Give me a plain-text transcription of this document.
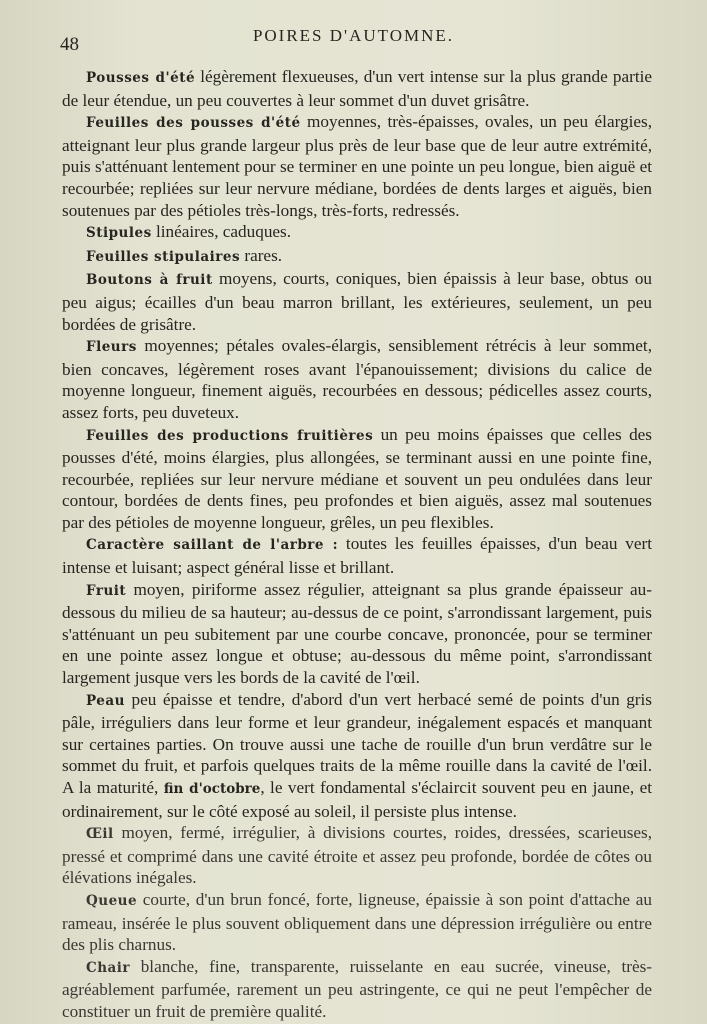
48	POIRES D'AUTOMNE.

Pousses d'été légèrement flexueuses, d'un vert intense sur la plus grande partie de leur étendue, un peu couvertes à leur sommet d'un duvet grisâtre.

Feuilles des pousses d'été moyennes, très-épaisses, ovales, un peu élargies, atteignant leur plus grande largeur plus près de leur base que de leur autre extrémité, puis s'atténuant lentement pour se terminer en une pointe un peu longue, bien aiguë et recourbée; repliées sur leur nervure médiane, bordées de dents larges et aiguës, bien soutenues par des pétioles très-longs, très-forts, redressés.

Stipules linéaires, caduques.

Feuilles stipulaires rares.

Boutons à fruit moyens, courts, coniques, bien épaissis à leur base, obtus ou peu aigus; écailles d'un beau marron brillant, les extérieures, seulement, un peu bordées de grisâtre.

Fleurs moyennes; pétales ovales-élargis, sensiblement rétrécis à leur sommet, bien concaves, légèrement roses avant l'épanouissement; divisions du calice de moyenne longueur, finement aiguës, recourbées en dessous; pédicelles assez courts, assez forts, peu duveteux.

Feuilles des productions fruitières un peu moins épaisses que celles des pousses d'été, moins élargies, plus allongées, se terminant aussi en une pointe fine, recourbée, repliées sur leur nervure médiane et souvent un peu ondulées dans leur contour, bordées de dents fines, peu profondes et bien aiguës, assez mal soutenues par des pétioles de moyenne longueur, grêles, un peu flexibles.

Caractère saillant de l'arbre : toutes les feuilles épaisses, d'un beau vert intense et luisant; aspect général lisse et brillant.

Fruit moyen, piriforme assez régulier, atteignant sa plus grande épaisseur au-dessous du milieu de sa hauteur; au-dessus de ce point, s'arrondissant largement, puis s'atténuant un peu subitement par une courbe concave, prononcée, pour se terminer en une pointe assez longue et obtuse; au-dessous du même point, s'arrondissant largement jusque vers les bords de la cavité de l'œil.

Peau peu épaisse et tendre, d'abord d'un vert herbacé semé de points d'un gris pâle, irréguliers dans leur forme et leur grandeur, inégalement espacés et manquant sur certaines parties. On trouve aussi une tache de rouille d'un brun verdâtre sur le sommet du fruit, et parfois quelques traits de la même rouille dans la cavité de l'œil. A la maturité, fin d'octobre, le vert fondamental s'éclaircit souvent peu en jaune, et ordinairement, sur le côté exposé au soleil, il persiste plus intense.

Œil moyen, fermé, irrégulier, à divisions courtes, roides, dressées, scarieuses, pressé et comprimé dans une cavité étroite et assez peu profonde, bordée de côtes ou élévations inégales.

Queue courte, d'un brun foncé, forte, ligneuse, épaissie à son point d'attache au rameau, insérée le plus souvent obliquement dans une dépression irrégulière ou entre des plis charnus.

Chair blanche, fine, transparente, ruisselante en eau sucrée, vineuse, très-agréablement parfumée, rarement un peu astringente, ce qui ne peut l'empêcher de constituer un fruit de première qualité.
